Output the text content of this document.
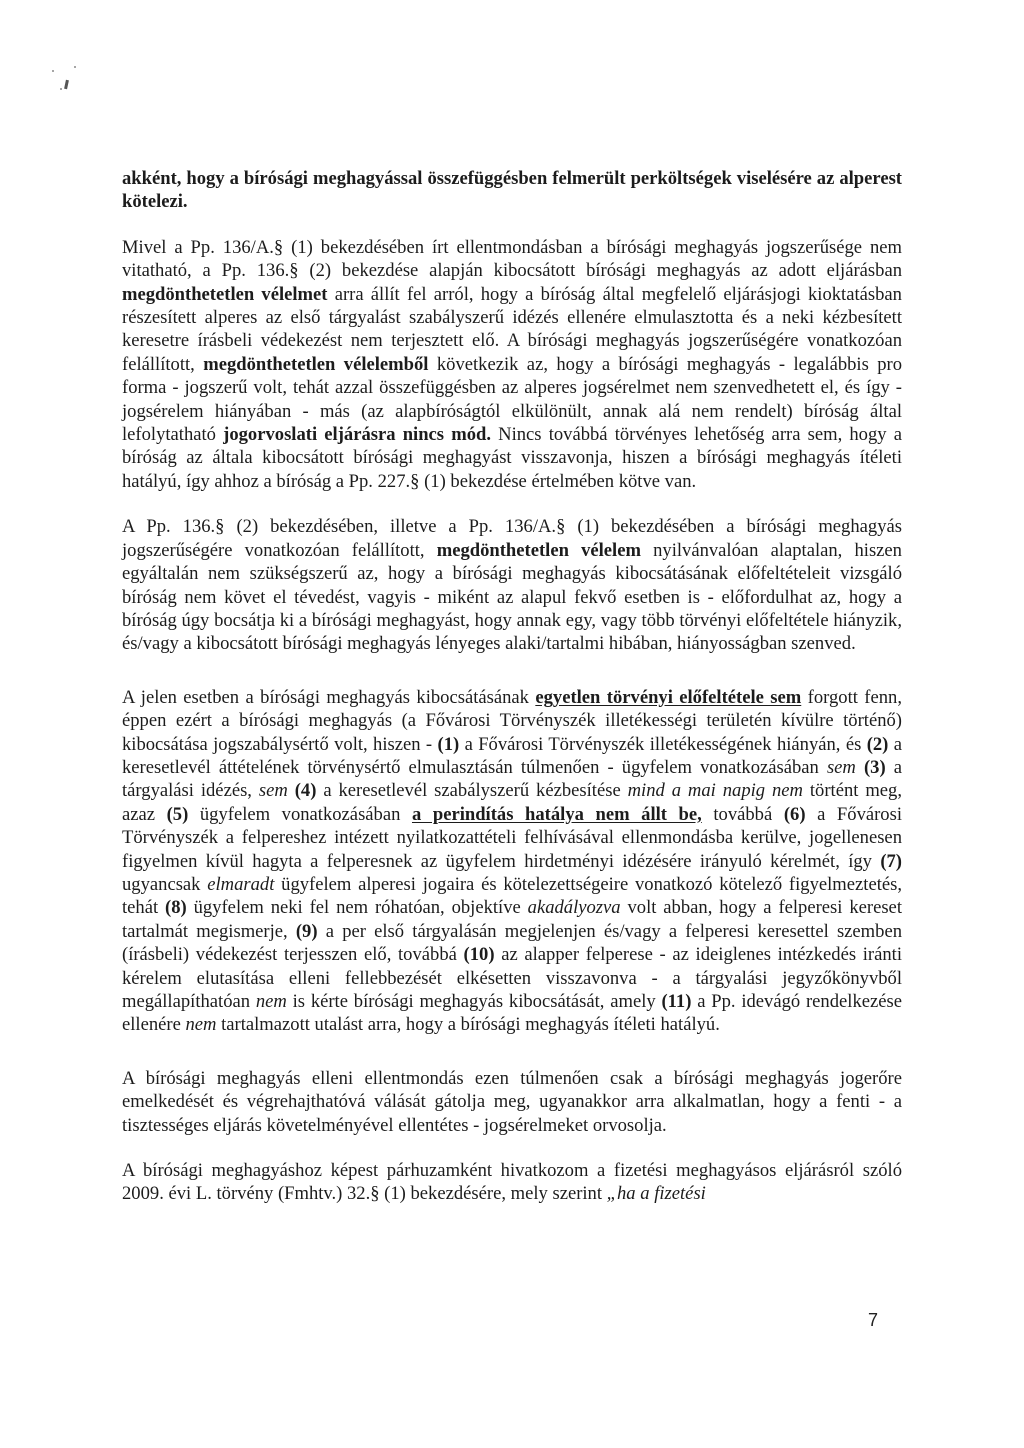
akként, hogy a bírósági meghagyással összefüggésben felmerült perköltségek viselésére az alperest kötelezi.

Mivel a Pp. 136/A.§ (1) bekezdésében írt ellentmondásban a bírósági meghagyás jogszerűsége nem vitatható, a Pp. 136.§ (2) bekezdése alapján kibocsátott bírósági meghagyás az adott eljárásban megdönthetetlen vélelmet arra állít fel arról, hogy a bíróság által megfelelő eljárásjogi kioktatásban részesített alperes az első tárgyalást szabályszerű idézés ellenére elmulasztotta és a neki kézbesített keresetre írásbeli védekezést nem terjesztett elő. A bírósági meghagyás jogszerűségére vonatkozóan felállított, megdönthetetlen vélelemből következik az, hogy a bírósági meghagyás - legalábbis pro forma - jogszerű volt, tehát azzal összefüggésben az alperes jogsérelmet nem szenvedhetett el, és így - jogsérelem hiányában - más (az alapbíróságtól elkülönült, annak alá nem rendelt) bíróság által lefolytatható jogorvoslati eljárásra nincs mód. Nincs továbbá törvényes lehetőség arra sem, hogy a bíróság az általa kibocsátott bírósági meghagyást visszavonja, hiszen a bírósági meghagyás ítéleti hatályú, így ahhoz a bíróság a Pp. 227.§ (1) bekezdése értelmében kötve van.

A Pp. 136.§ (2) bekezdésében, illetve a Pp. 136/A.§ (1) bekezdésében a bírósági meghagyás jogszerűségére vonatkozóan felállított, megdönthetetlen vélelem nyilvánvalóan alaptalan, hiszen egyáltalán nem szükségszerű az, hogy a bírósági meghagyás kibocsátásának előfeltételeit vizsgáló bíróság nem követ el tévedést, vagyis - miként az alapul fekvő esetben is - előfordulhat az, hogy a bíróság úgy bocsátja ki a bírósági meghagyást, hogy annak egy, vagy több törvényi előfeltétele hiányzik, és/vagy a kibocsátott bírósági meghagyás lényeges alaki/tartalmi hibában, hiányosságban szenved.

A jelen esetben a bírósági meghagyás kibocsátásának egyetlen törvényi előfeltétele sem forgott fenn, éppen ezért a bírósági meghagyás (a Fővárosi Törvényszék illetékességi területén kívülre történő) kibocsátása jogszabálysértő volt, hiszen - (1) a Fővárosi Törvényszék illetékességének hiányán, és (2) a keresetlevél áttételének törvénysértő elmulasztásán túlmenően - ügyfelem vonatkozásában sem (3) a tárgyalási idézés, sem (4) a keresetlevél szabályszerű kézbesítése mind a mai napig nem történt meg, azaz (5) ügyfelem vonatkozásában a perindítás hatálya nem állt be, továbbá (6) a Fővárosi Törvényszék a felpereshez intézett nyilatkozattételi felhívásával ellenmondásba kerülve, jogellenesen figyelmen kívül hagyta a felperesnek az ügyfelem hirdetményi idézésére irányuló kérelmét, így (7) ugyancsak elmaradt ügyfelem alperesi jogaira és kötelezettségeire vonatkozó kötelező figyelmeztetés, tehát (8) ügyfelem neki fel nem róhatóan, objektíve akadályozva volt abban, hogy a felperesi kereset tartalmát megismerje, (9) a per első tárgyalásán megjelenjen és/vagy a felperesi keresettel szemben (írásbeli) védekezést terjesszen elő, továbbá (10) az alapper felperese - az ideiglenes intézkedés iránti kérelem elutasítása elleni fellebbezését elkésetten visszavonva - a tárgyalási jegyzőkönyvből megállapíthatóan nem is kérte bírósági meghagyás kibocsátását, amely (11) a Pp. idevágó rendelkezése ellenére nem tartalmazott utalást arra, hogy a bírósági meghagyás ítéleti hatályú.

A bírósági meghagyás elleni ellentmondás ezen túlmenően csak a bírósági meghagyás jogerőre emelkedését és végrehajthatóvá válását gátolja meg, ugyanakkor arra alkalmatlan, hogy a fenti - a tisztességes eljárás követelményével ellentétes - jogsérelmeket orvosolja.

A bírósági meghagyáshoz képest párhuzamként hivatkozom a fizetési meghagyásos eljárásról szóló 2009. évi L. törvény (Fmhtv.) 32.§ (1) bekezdésére, mely szerint „ha a fizetési

7
